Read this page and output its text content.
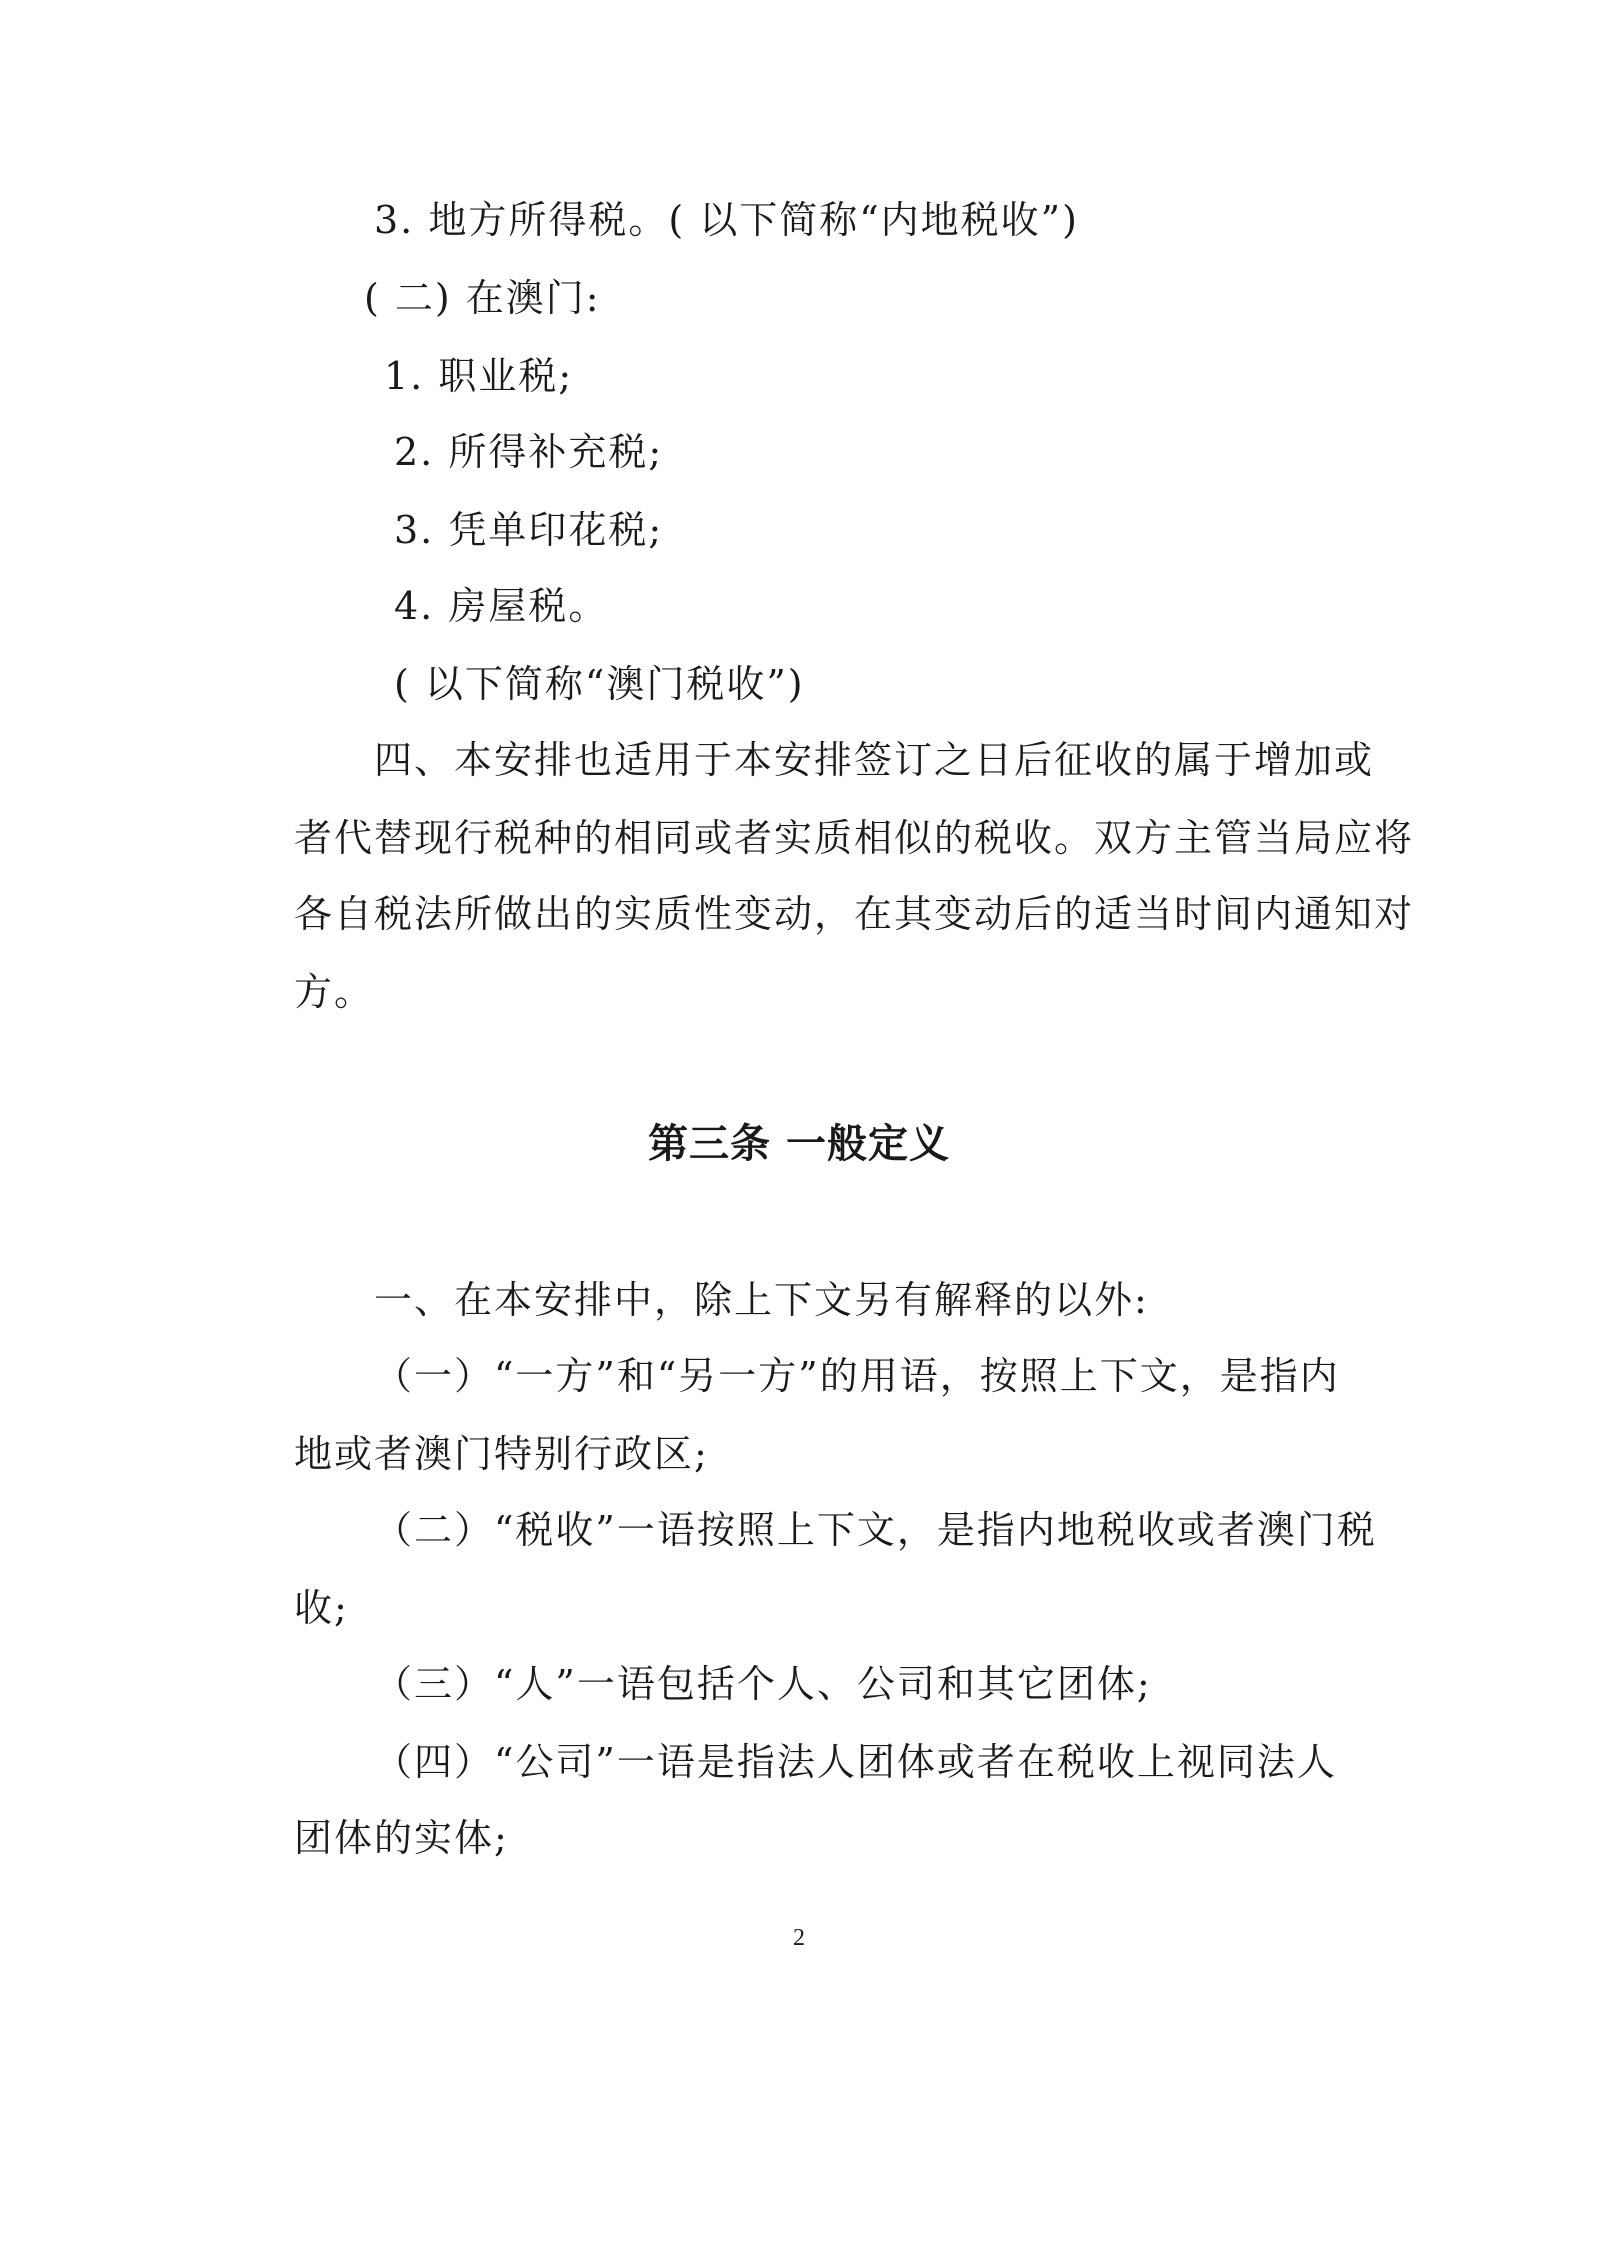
3. 地方所得税。( 以下简称“内地税收”)
( 二) 在澳门:
1. 职业税;
2. 所得补充税;
3. 凭单印花税;
4. 房屋税。
( 以下简称“澳门税收”)
四、本安排也适用于本安排签订之日后征收的属于增加或
者代替现行税种的相同或者实质相似的税收。双方主管当局应将
各自税法所做出的实质性变动，在其变动后的适当时间内通知对
方。
第三条 一般定义
一、在本安排中，除上下文另有解释的以外:
（一）“一方”和“另一方”的用语，按照上下文，是指内
地或者澳门特别行政区;
（二）“税收”一语按照上下文，是指内地税收或者澳门税
收;
（三）“人”一语包括个人、公司和其它团体;
（四）“公司”一语是指法人团体或者在税收上视同法人
团体的实体;
2
